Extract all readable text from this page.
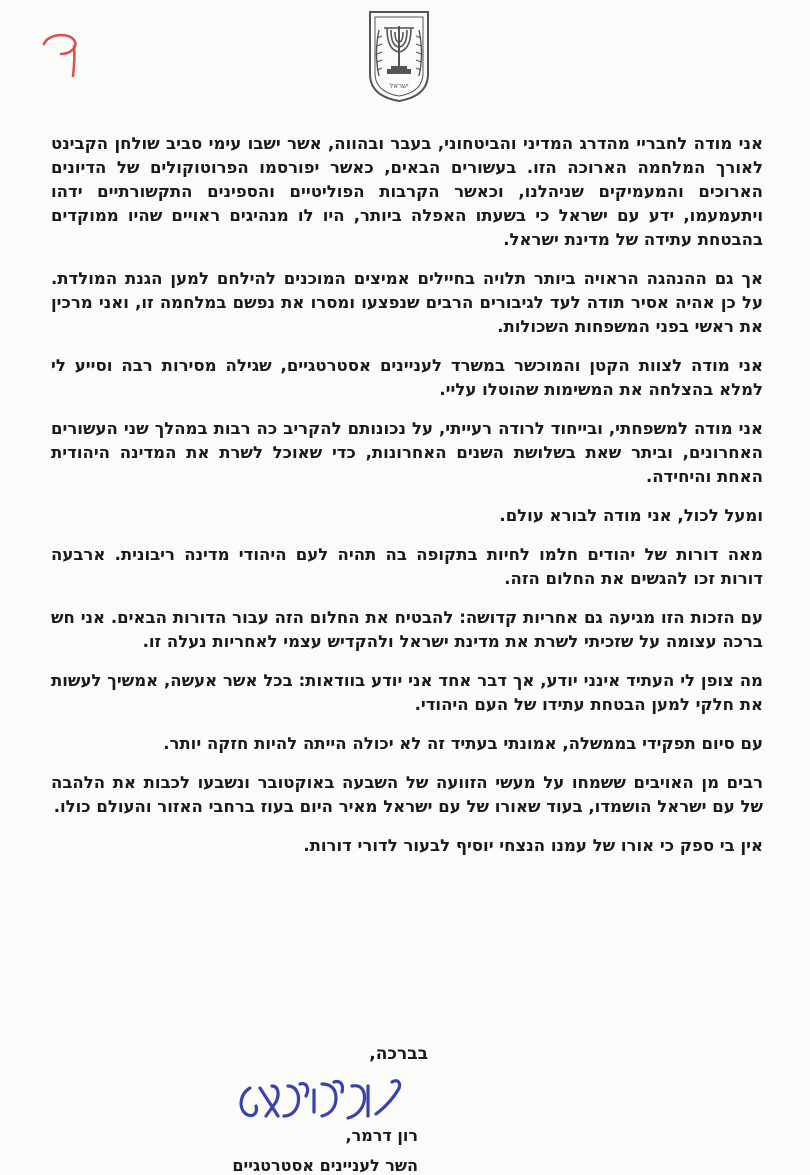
ישראל

אני מודה לחבריי מהדרג המדיני והביטחוני, בעבר ובהווה, אשר ישבו עימי סביב שולחן הקבינט לאורך המלחמה הארוכה הזו. בעשורים הבאים, כאשר יפורסמו הפרוטוקולים של הדיונים הארוכים והמעמיקים שניהלנו, וכאשר הקרבות הפוליטיים והספינים התקשורתיים ידהו ויתעמעמו, ידע עם ישראל כי בשעתו האפלה ביותר, היו לו מנהיגים ראויים שהיו ממוקדים בהבטחת עתידה של מדינת ישראל.

אך גם ההנהגה הראויה ביותר תלויה בחיילים אמיצים המוכנים להילחם למען הגנת המולדת. על כן אהיה אסיר תודה לעד לגיבורים הרבים שנפצעו ומסרו את נפשם במלחמה זו, ואני מרכין את ראשי בפני המשפחות השכולות.

אני מודה לצוות הקטן והמוכשר במשרד לעניינים אסטרטגיים, שגילה מסירות רבה וסייע לי למלא בהצלחה את המשימות שהוטלו עליי.

אני מודה למשפחתי, ובייחוד לרודה רעייתי, על נכונותם להקריב כה רבות במהלך שני העשורים האחרונים, וביתר שאת בשלושת השנים האחרונות, כדי שאוכל לשרת את המדינה היהודית האחת והיחידה.

ומעל לכול, אני מודה לבורא עולם.

מאה דורות של יהודים חלמו לחיות בתקופה בה תהיה לעם היהודי מדינה ריבונית. ארבעה דורות זכו להגשים את החלום הזה.

עם הזכות הזו מגיעה גם אחריות קדושה: להבטיח את החלום הזה עבור הדורות הבאים. אני חש ברכה עצומה על שזכיתי לשרת את מדינת ישראל ולהקדיש עצמי לאחריות נעלה זו.

מה צופן לי העתיד אינני יודע, אך דבר אחד אני יודע בוודאות: בכל אשר אעשה, אמשיך לעשות את חלקי למען הבטחת עתידו של העם היהודי.

עם סיום תפקידי בממשלה, אמונתי בעתיד זה לא יכולה הייתה להיות חזקה יותר.

רבים מן האויבים ששמחו על מעשי הזוועה של השבעה באוקטובר ונשבעו לכבות את הלהבה של עם ישראל הושמדו, בעוד שאורו של עם ישראל מאיר היום בעוז ברחבי האזור והעולם כולו.

אין בי ספק כי אורו של עמנו הנצחי יוסיף לבעור לדורי דורות.

בברכה,
רון דרמר,
השר לעניינים אסטרטגיים
